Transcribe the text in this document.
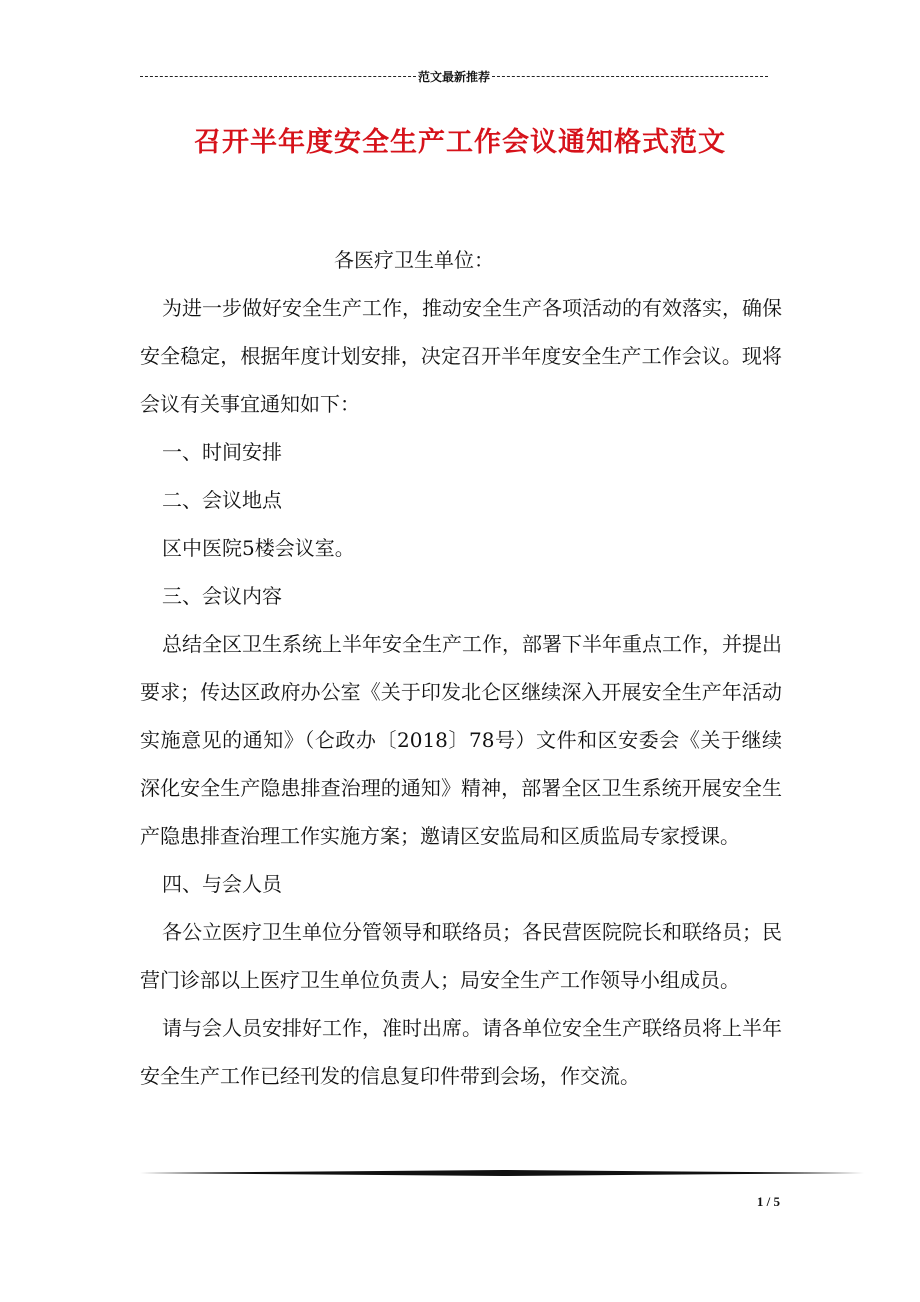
范文最新推荐
召开半年度安全生产工作会议通知格式范文

各医疗卫生单位：

为进一步做好安全生产工作，推动安全生产各项活动的有效落实，确保安全稳定，根据年度计划安排，决定召开半年度安全生产工作会议。现将会议有关事宜通知如下：

一、时间安排

二、会议地点

区中医院5楼会议室。

三、会议内容

总结全区卫生系统上半年安全生产工作，部署下半年重点工作，并提出要求；传达区政府办公室《关于印发北仑区继续深入开展安全生产年活动实施意见的通知》（仑政办〔2018〕78号）文件和区安委会《关于继续深化安全生产隐患排查治理的通知》精神，部署全区卫生系统开展安全生产隐患排查治理工作实施方案；邀请区安监局和区质监局专家授课。

四、与会人员

各公立医疗卫生单位分管领导和联络员；各民营医院院长和联络员；民营门诊部以上医疗卫生单位负责人；局安全生产工作领导小组成员。

请与会人员安排好工作，准时出席。请各单位安全生产联络员将上半年安全生产工作已经刊发的信息复印件带到会场，作交流。

1 / 5
